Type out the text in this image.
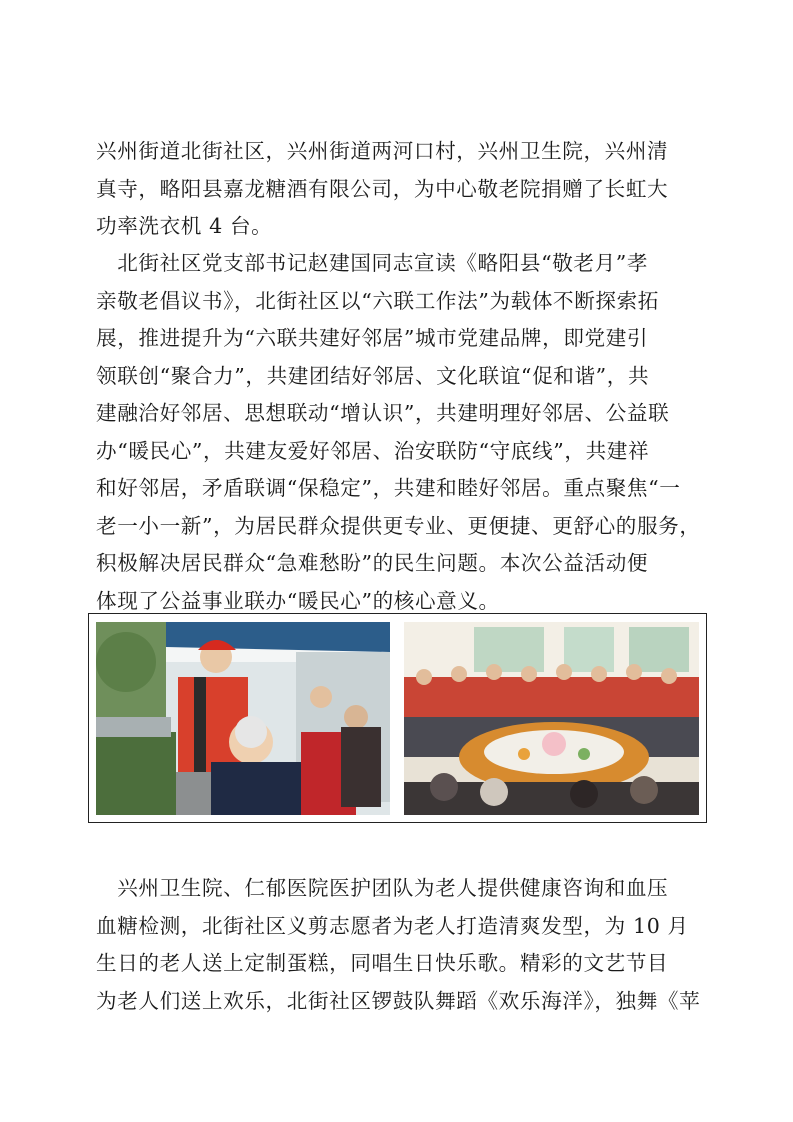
兴州街道北街社区，兴州街道两河口村，兴州卫生院，兴州清
真寺，略阳县嘉龙糖酒有限公司，为中心敬老院捐赠了长虹大
功率洗衣机 4 台。
　北街社区党支部书记赵建国同志宣读《略阳县“敬老月”孝
亲敬老倡议书》，北街社区以“六联工作法”为载体不断探索拓
展，推进提升为“六联共建好邻居”城市党建品牌，即党建引
领联创“聚合力”，共建团结好邻居、文化联谊“促和谐”，共
建融洽好邻居、思想联动“增认识”，共建明理好邻居、公益联
办“暖民心”，共建友爱好邻居、治安联防“守底线”，共建祥
和好邻居，矛盾联调“保稳定”，共建和睦好邻居。重点聚焦“一
老一小一新”，为居民群众提供更专业、更便捷、更舒心的服务，
积极解决居民群众“急难愁盼”的民生问题。本次公益活动便
体现了公益事业联办“暖民心”的核心意义。
　兴州卫生院、仁郁医院医护团队为老人提供健康咨询和血压
血糖检测，北街社区义剪志愿者为老人打造清爽发型，为 10 月
生日的老人送上定制蛋糕，同唱生日快乐歌。精彩的文艺节目
为老人们送上欢乐，北街社区锣鼓队舞蹈《欢乐海洋》，独舞《苹
